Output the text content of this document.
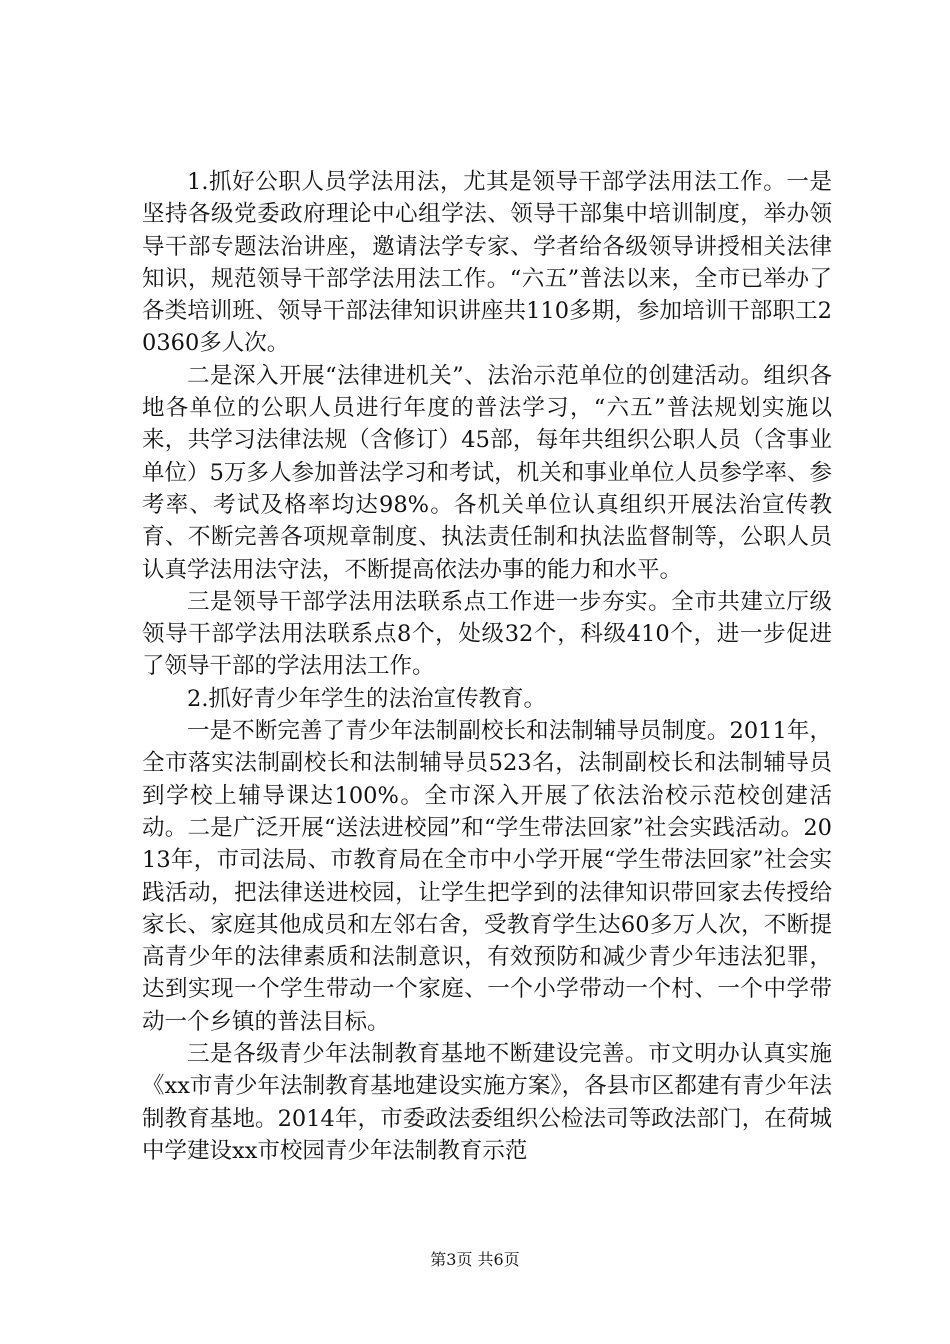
1.抓好公职人员学法用法，尤其是领导干部学法用法工作。一是坚持各级党委政府理论中心组学法、领导干部集中培训制度，举办领导干部专题法治讲座，邀请法学专家、学者给各级领导讲授相关法律知识，规范领导干部学法用法工作。“六五”普法以来，全市已举办了各类培训班、领导干部法律知识讲座共110多期，参加培训干部职工20360多人次。

二是深入开展“法律进机关”、法治示范单位的创建活动。组织各地各单位的公职人员进行年度的普法学习，“六五”普法规划实施以来，共学习法律法规（含修订）45部，每年共组织公职人员（含事业单位）5万多人参加普法学习和考试，机关和事业单位人员参学率、参考率、考试及格率均达98%。各机关单位认真组织开展法治宣传教育、不断完善各项规章制度、执法责任制和执法监督制等，公职人员认真学法用法守法，不断提高依法办事的能力和水平。

三是领导干部学法用法联系点工作进一步夯实。全市共建立厅级领导干部学法用法联系点8个，处级32个，科级410个，进一步促进了领导干部的学法用法工作。

2.抓好青少年学生的法治宣传教育。

一是不断完善了青少年法制副校长和法制辅导员制度。2011年，全市落实法制副校长和法制辅导员523名，法制副校长和法制辅导员到学校上辅导课达100%。全市深入开展了依法治校示范校创建活动。二是广泛开展“送法进校园”和“学生带法回家”社会实践活动。2013年，市司法局、市教育局在全市中小学开展“学生带法回家”社会实践活动，把法律送进校园，让学生把学到的法律知识带回家去传授给家长、家庭其他成员和左邻右舍，受教育学生达60多万人次，不断提高青少年的法律素质和法制意识，有效预防和减少青少年违法犯罪，达到实现一个学生带动一个家庭、一个小学带动一个村、一个中学带动一个乡镇的普法目标。

三是各级青少年法制教育基地不断建设完善。市文明办认真实施《xx市青少年法制教育基地建设实施方案》，各县市区都建有青少年法制教育基地。2014年，市委政法委组织公检法司等政法部门，在荷城中学建设xx市校园青少年法制教育示范

第3页 共6页
